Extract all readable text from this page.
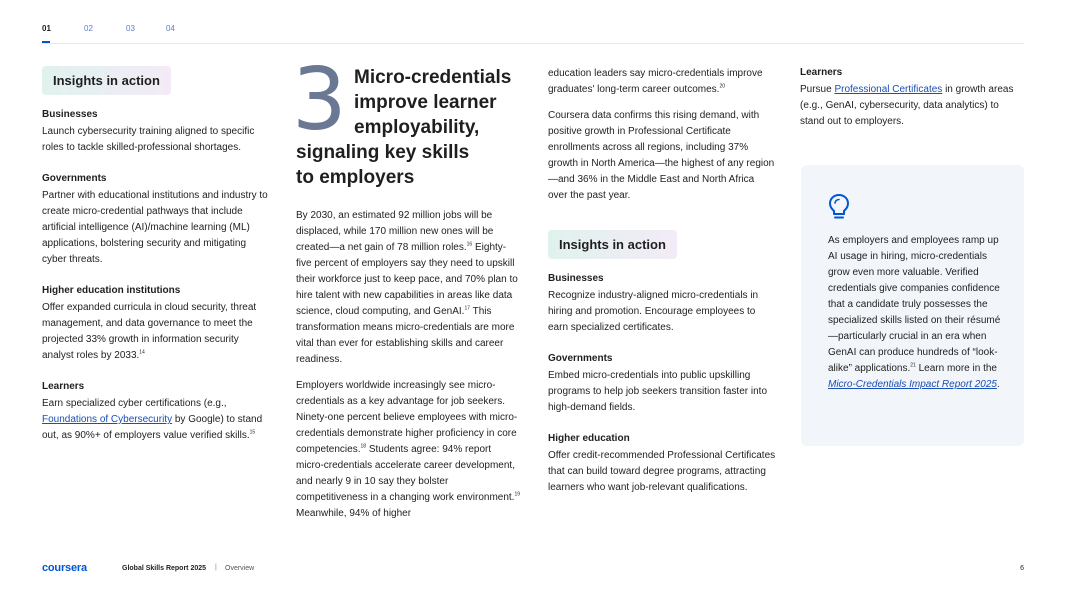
01	02	03	04
Insights in action
Businesses

Launch cybersecurity training aligned to specific roles to tackle skilled-professional shortages.

Governments

Partner with educational institutions and industry to create micro-credential pathways that include artificial intelligence (AI)/machine learning (ML) applications, bolstering security and mitigating cyber threats.

Higher education institutions

Offer expanded curricula in cloud security, threat management, and data governance to meet the projected 33% growth in information security analyst roles by 2033.14

Learners

Earn specialized cyber certifications (e.g., Foundations of Cybersecurity by Google) to stand out, as 90%+ of employers value verified skills.$^{15}$

3 Micro-credentials
improve learner
employability,
signaling key skills
to employers

By 2030, an estimated 92 million jobs will be displaced, while 170 million new ones will be created—a net gain of 78 million roles.$^{16}$ Eighty-five percent of employers say they need to upskill their workforce just to keep pace, and 70% plan to hire talent with new capabilities in areas like data science, cloud computing, and GenAI.$^{17}$ This transformation means micro-credentials are more vital than ever for establishing skills and career readiness.

Employers worldwide increasingly see micro-credentials as a key advantage for job seekers. Ninety-one percent believe employees with micro-credentials demonstrate higher proficiency in core competencies.$^{18}$ Students agree: 94% report micro-credentials accelerate career development, and nearly 9 in 10 say they bolster competitiveness in a changing work environment.$^{19}$ Meanwhile, 94% of higher

education leaders say micro-credentials improve graduates' long-term career outcomes.$^{20}$

Coursera data confirms this rising demand, with positive growth in Professional Certificate enrollments across all regions, including 37% growth in North America—the highest of any region—and 36% in the Middle East and North Africa over the past year.

Insights in action
Businesses

Recognize industry-aligned micro-credentials in hiring and promotion. Encourage employees to earn specialized certificates.

Governments

Embed micro-credentials into public upskilling programs to help job seekers transition faster into high-demand fields.

Higher education

Offer credit-recommended Professional Certificates that can build toward degree programs, attracting learners who want job-relevant qualifications.

Learners

Pursue Professional Certificates in growth areas (e.g., GenAI, cybersecurity, data analytics) to stand out to employers.

As employers and employees ramp up AI usage in hiring, micro-credentials grow even more valuable. Verified credentials give companies confidence that a candidate truly possesses the specialized skills listed on their résumé—particularly crucial in an era when GenAI can produce hundreds of “look-alike” applications.$^{21}$ Learn more in the Micro-Credentials Impact Report 2025.

coursera	Global Skills Report 2025 | Overview	6
